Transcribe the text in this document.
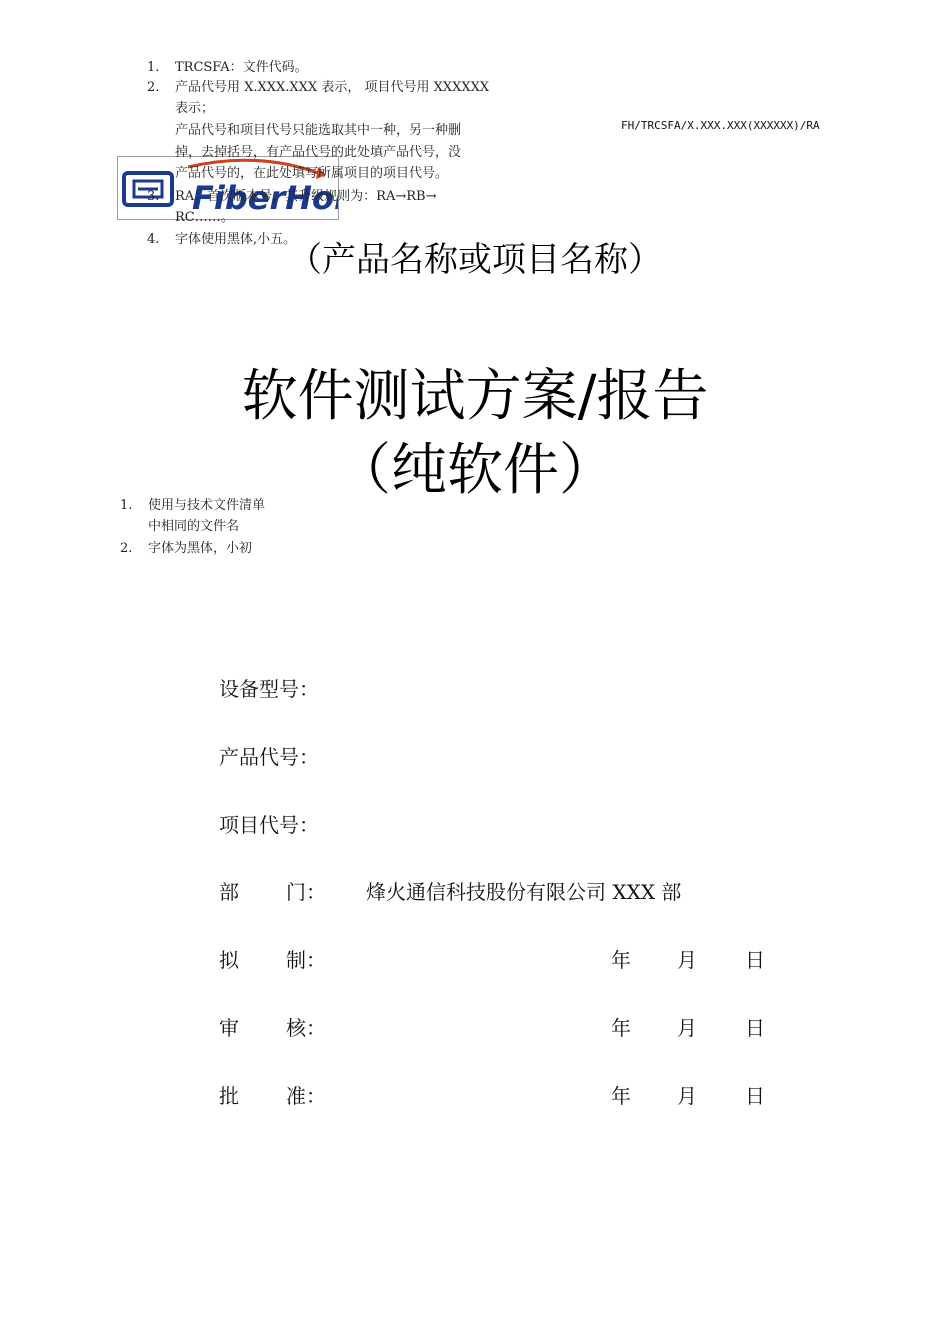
FiberHo
1. TRCSFA：文件代码。
2. 产品代号用 X.XXX.XXX 表示， 项目代号用 XXXXXX
表示；
产品代号和项目代号只能选取其中一种，另一种删
掉，去掉括号，有产品代号的此处填产品代号，没
产品代号的，在此处填写所属项目的项目代号。
3. RA：首次版本号，其升级规则为：RA→RB→
RC……。
4. 字体使用黑体,小五。
FH/TRCSFA/X.XXX.XXX(XXXXXX)/RA
（产品名称或项目名称）
软件测试方案/报告
（纯软件）
1. 使用与技术文件清单
中相同的文件名
2. 字体为黑体，小初
设备型号：
产品代号：
项目代号：
部 门： 烽火通信科技股份有限公司 XXX 部
拟 制：	年 月 日
审 核：	年 月 日
批 准：	年 月 日
